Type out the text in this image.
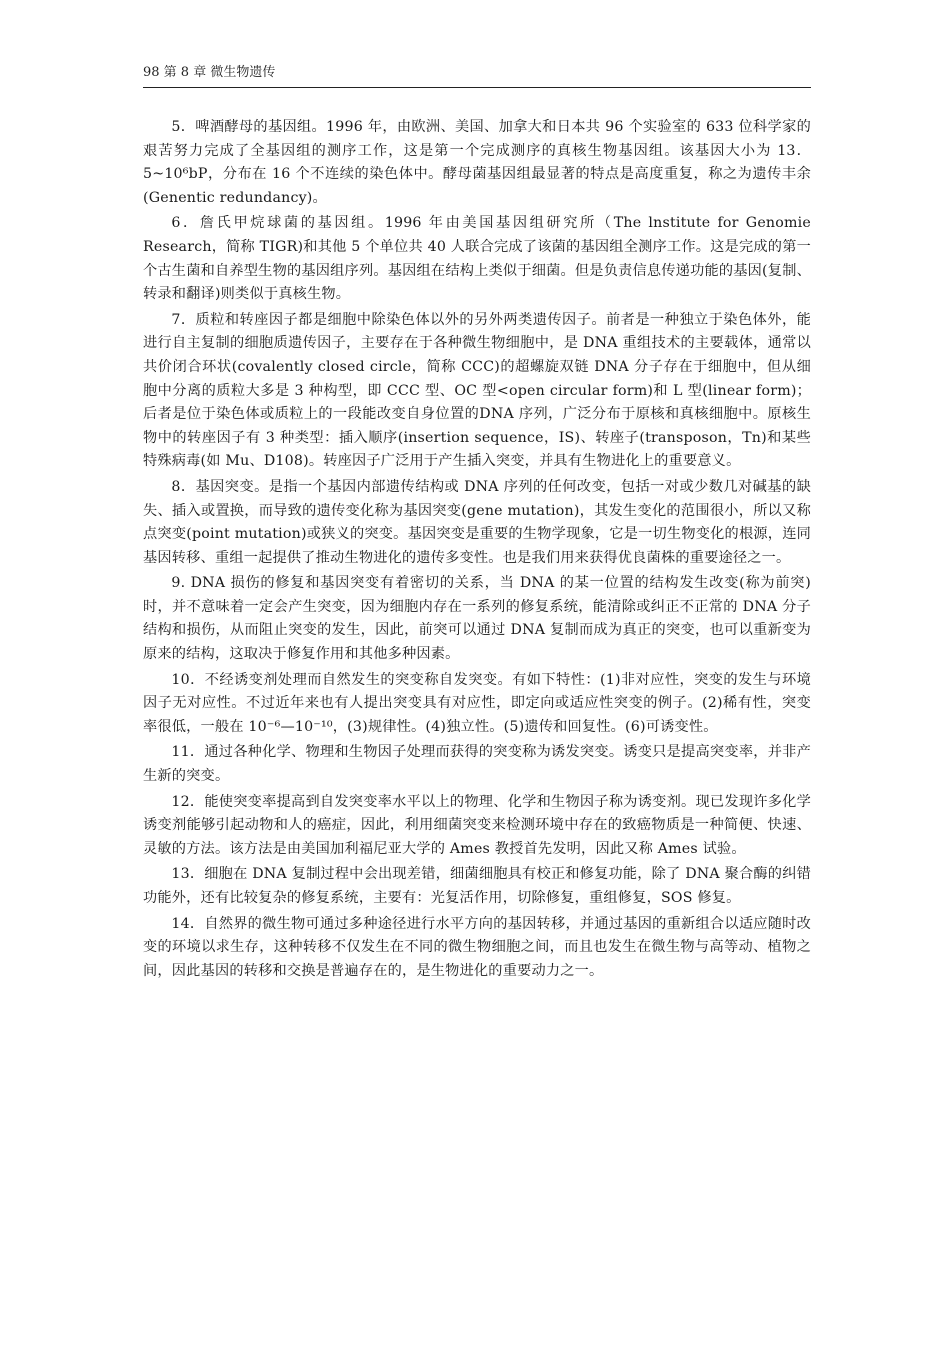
98 第 8 章 微生物遗传

5．啤酒酵母的基因组。1996 年，由欧洲、美国、加拿大和日本共 96 个实验室的 633 位科学家的艰苦努力完成了全基因组的测序工作，这是第一个完成测序的真核生物基因组。该基因大小为 13．5~10⁶bP，分布在 16 个不连续的染色体中。酵母菌基因组最显著的特点是高度重复，称之为遗传丰余(Genentic redundancy)。

6．詹氏甲烷球菌的基因组。1996 年由美国基因组研究所（The lnstitute for Genomie Research，简称 TIGR)和其他 5 个单位共 40 人联合完成了该菌的基因组全测序工作。这是完成的第一个古生菌和自养型生物的基因组序列。基因组在结构上类似于细菌。但是负责信息传递功能的基因(复制、转录和翻译)则类似于真核生物。

7．质粒和转座因子都是细胞中除染色体以外的另外两类遗传因子。前者是一种独立于染色体外，能进行自主复制的细胞质遗传因子，主要存在于各种微生物细胞中，是 DNA 重组技术的主要载体，通常以共价闭合环状(covalently closed circle，简称 CCC)的超螺旋双链 DNA 分子存在于细胞中，但从细胞中分离的质粒大多是 3 种构型，即 CCC 型、OC 型<open circular form)和 L 型(linear form)；后者是位于染色体或质粒上的一段能改变自身位置的DNA 序列，广泛分布于原核和真核细胞中。原核生物中的转座因子有 3 种类型：插入顺序(insertion sequence，IS)、转座子(transposon，Tn)和某些特殊病毒(如 Mu、D108)。转座因子广泛用于产生插入突变，并具有生物进化上的重要意义。

8．基因突变。是指一个基因内部遗传结构或 DNA 序列的任何改变，包括一对或少数几对碱基的缺失、插入或置换，而导致的遗传变化称为基因突变(gene mutation)，其发生变化的范围很小，所以又称点突变(point mutation)或狭义的突变。基因突变是重要的生物学现象，它是一切生物变化的根源，连同基因转移、重组一起提供了推动生物进化的遗传多变性。也是我们用来获得优良菌株的重要途径之一。

9. DNA 损伤的修复和基因突变有着密切的关系，当 DNA 的某一位置的结构发生改变(称为前突)时，并不意味着一定会产生突变，因为细胞内存在一系列的修复系统，能清除或纠正不正常的 DNA 分子结构和损伤，从而阻止突变的发生，因此，前突可以通过 DNA 复制而成为真正的突变，也可以重新变为原来的结构，这取决于修复作用和其他多种因素。

10．不经诱变剂处理而自然发生的突变称自发突变。有如下特性：(1)非对应性，突变的发生与环境因子无对应性。不过近年来也有人提出突变具有对应性，即定向或适应性突变的例子。(2)稀有性，突变率很低，一般在 10⁻⁶—10⁻¹⁰，(3)规律性。(4)独立性。(5)遗传和回复性。(6)可诱变性。

11．通过各种化学、物理和生物因子处理而获得的突变称为诱发突变。诱变只是提高突变率，并非产生新的突变。

12．能使突变率提高到自发突变率水平以上的物理、化学和生物因子称为诱变剂。现已发现许多化学诱变剂能够引起动物和人的癌症，因此，利用细菌突变来检测环境中存在的致癌物质是一种简便、快速、灵敏的方法。该方法是由美国加利福尼亚大学的 Ames 教授首先发明，因此又称 Ames 试验。

13．细胞在 DNA 复制过程中会出现差错，细菌细胞具有校正和修复功能，除了 DNA 聚合酶的纠错功能外，还有比较复杂的修复系统，主要有：光复活作用，切除修复，重组修复，SOS 修复。

14．自然界的微生物可通过多种途径进行水平方向的基因转移，并通过基因的重新组合以适应随时改变的环境以求生存，这种转移不仅发生在不同的微生物细胞之间，而且也发生在微生物与高等动、植物之间，因此基因的转移和交换是普遍存在的，是生物进化的重要动力之一。
